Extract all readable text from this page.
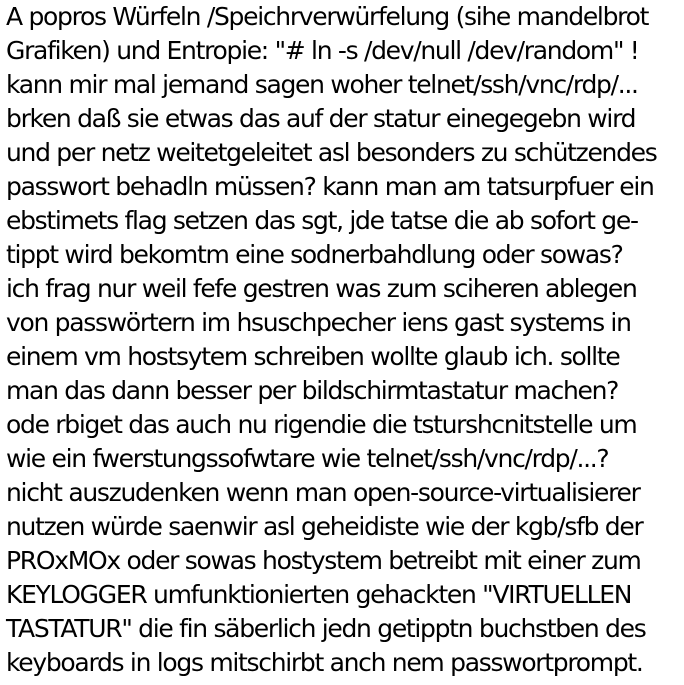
A popros Würfeln /Speichrverwürfelung (sihe mandelbrot
Grafiken) und Entropie: "# ln -s /dev/null /dev/random" !
kann mir mal jemand sagen woher telnet/ssh/vnc/rdp/...
brken daß sie etwas das auf der statur einegegebn wird
und per netz weitetgeleitet asl besonders zu schützendes
passwort behadln müssen? kann man am tatsurpfuer ein
ebstimets flag setzen das sgt, jde tatse die ab sofort ge-
tippt wird bekomtm eine sodnerbahdlung oder sowas?
ich frag nur weil fefe gestren was zum sciheren ablegen
von passwörtern im hsuschpecher iens gast systems in
einem vm hostsytem schreiben wollte glaub ich. sollte
man das dann besser per bildschirmtastatur machen?
ode rbiget das auch nu rigendie die tsturshcnitstelle um
wie ein fwerstungssofwtare wie telnet/ssh/vnc/rdp/...?
nicht auszudenken wenn man open-source-virtualisierer
nutzen würde saenwir asl geheidiste wie der kgb/sfb der
PROxMOx oder sowas hostystem betreibt mit einer zum
KEYLOGGER umfunktionierten gehackten "VIRTUELLEN
TASTATUR" die fin säberlich jedn getipptn buchstben des
keyboards in logs mitschirbt anch nem passwortprompt.
